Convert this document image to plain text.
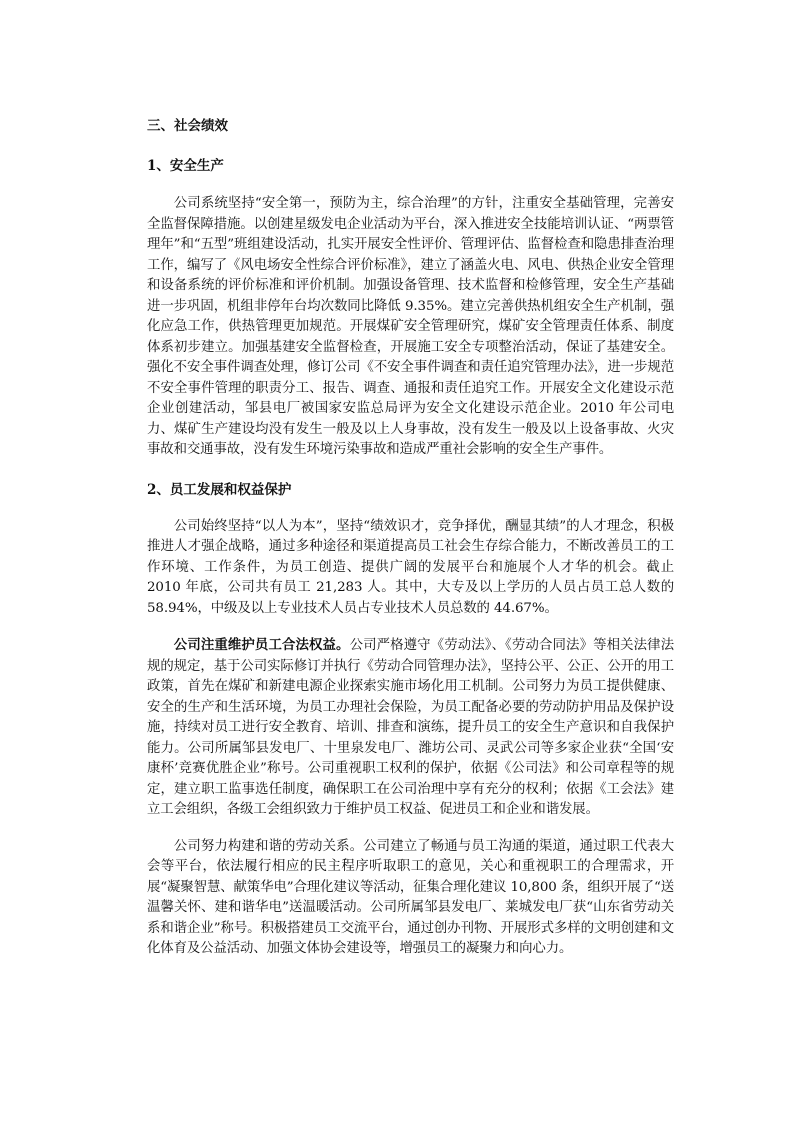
三、社会绩效

1、安全生产

公司系统坚持“安全第一，预防为主，综合治理”的方针，注重安全基础管理，完善安全监督保障措施。以创建星级发电企业活动为平台，深入推进安全技能培训认证、“两票管理年”和“五型”班组建设活动，扎实开展安全性评价、管理评估、监督检查和隐患排查治理工作，编写了《风电场安全性综合评价标准》，建立了涵盖火电、风电、供热企业安全管理和设备系统的评价标准和评价机制。加强设备管理、技术监督和检修管理，安全生产基础进一步巩固，机组非停年台均次数同比降低 9.35%。建立完善供热机组安全生产机制，强化应急工作，供热管理更加规范。开展煤矿安全管理研究，煤矿安全管理责任体系、制度体系初步建立。加强基建安全监督检查，开展施工安全专项整治活动，保证了基建安全。强化不安全事件调查处理，修订公司《不安全事件调查和责任追究管理办法》，进一步规范不安全事件管理的职责分工、报告、调查、通报和责任追究工作。开展安全文化建设示范企业创建活动，邹县电厂被国家安监总局评为安全文化建设示范企业。2010 年公司电力、煤矿生产建设均没有发生一般及以上人身事故，没有发生一般及以上设备事故、火灾事故和交通事故，没有发生环境污染事故和造成严重社会影响的安全生产事件。

2、员工发展和权益保护

公司始终坚持“以人为本”，坚持“绩效识才，竞争择优，酬显其绩”的人才理念，积极推进人才强企战略，通过多种途径和渠道提高员工社会生存综合能力，不断改善员工的工作环境、工作条件，为员工创造、提供广阔的发展平台和施展个人才华的机会。截止 2010 年底，公司共有员工 21,283 人。其中，大专及以上学历的人员占员工总人数的 58.94%，中级及以上专业技术人员占专业技术人员总数的 44.67%。

公司注重维护员工合法权益。公司严格遵守《劳动法》、《劳动合同法》等相关法律法规的规定，基于公司实际修订并执行《劳动合同管理办法》，坚持公平、公正、公开的用工政策，首先在煤矿和新建电源企业探索实施市场化用工机制。公司努力为员工提供健康、安全的生产和生活环境，为员工办理社会保险，为员工配备必要的劳动防护用品及保护设施，持续对员工进行安全教育、培训、排查和演练，提升员工的安全生产意识和自我保护能力。公司所属邹县发电厂、十里泉发电厂、潍坊公司、灵武公司等多家企业获“全国‘安康杯’竞赛优胜企业”称号。公司重视职工权利的保护，依据《公司法》和公司章程等的规定，建立职工监事选任制度，确保职工在公司治理中享有充分的权利；依据《工会法》建立工会组织，各级工会组织致力于维护员工权益、促进员工和企业和谐发展。

公司努力构建和谐的劳动关系。公司建立了畅通与员工沟通的渠道，通过职工代表大会等平台，依法履行相应的民主程序听取职工的意见，关心和重视职工的合理需求，开展“凝聚智慧、献策华电”合理化建议等活动，征集合理化建议 10,800 条，组织开展了“送温馨关怀、建和谐华电”送温暖活动。公司所属邹县发电厂、莱城发电厂获“山东省劳动关系和谐企业”称号。积极搭建员工交流平台，通过创办刊物、开展形式多样的文明创建和文化体育及公益活动、加强文体协会建设等，增强员工的凝聚力和向心力。
